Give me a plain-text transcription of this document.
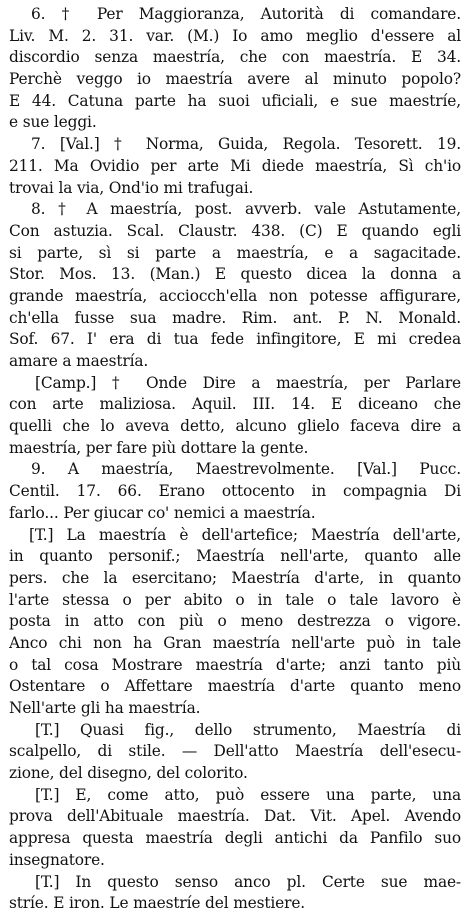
6. † Per Maggioranza, Autorità di comandare.
Liv. M. 2. 31. var. (M.) Io amo meglio d'essere al
discordio senza maestría, che con maestría. E 34.
Perchè veggo io maestría avere al minuto popolo?
E 44. Catuna parte ha suoi uficiali, e sue maestríe,
e sue leggi.
7. [Val.] † Norma, Guida, Regola. Tesorett. 19.
211. Ma Ovidio per arte Mi diede maestría, Sì ch'io
trovai la via, Ond'io mi trafugai.
8. † A maestría, post. avverb. vale Astutamente,
Con astuzia. Scal. Claustr. 438. (C) E quando egli
si parte, sì si parte a maestría, e a sagacitade.
Stor. Mos. 13. (Man.) E questo dicea la donna a
grande maestría, acciocch'ella non potesse affigurare,
ch'ella fusse sua madre. Rim. ant. P. N. Monald.
Sof. 67. I' era di tua fede infingitore, E mi credea
amare a maestría.
[Camp.] † Onde Dire a maestría, per Parlare
con arte maliziosa. Aquil. III. 14. E diceano che
quelli che lo aveva detto, alcuno glielo faceva dire a
maestría, per fare più dottare la gente.
9. A maestría, Maestrevolmente. [Val.] Pucc.
Centil. 17. 66. Erano ottocento in compagnia Di
farlo... Per giucar co' nemici a maestría.
[T.] La maestría è dell'artefice; Maestría dell'arte,
in quanto personif.; Maestría nell'arte, quanto alle
pers. che la esercitano; Maestría d'arte, in quanto
l'arte stessa o per abito o in tale o tale lavoro è
posta in atto con più o meno destrezza o vigore.
Anco chi non ha Gran maestría nell'arte può in tale
o tal cosa Mostrare maestría d'arte; anzi tanto più
Ostentare o Affettare maestría d'arte quanto meno
Nell'arte gli ha maestría.
[T.] Quasi fig., dello strumento, Maestría di
scalpello, di stile. — Dell'atto Maestría dell'esecu-
zione, del disegno, del colorito.
[T.] E, come atto, può essere una parte, una
prova dell'Abituale maestría. Dat. Vit. Apel. Avendo
appresa questa maestría degli antichi da Panfilo suo
insegnatore.
[T.] In questo senso anco pl. Certe sue mae-
stríe. E iron. Le maestríe del mestiere.
